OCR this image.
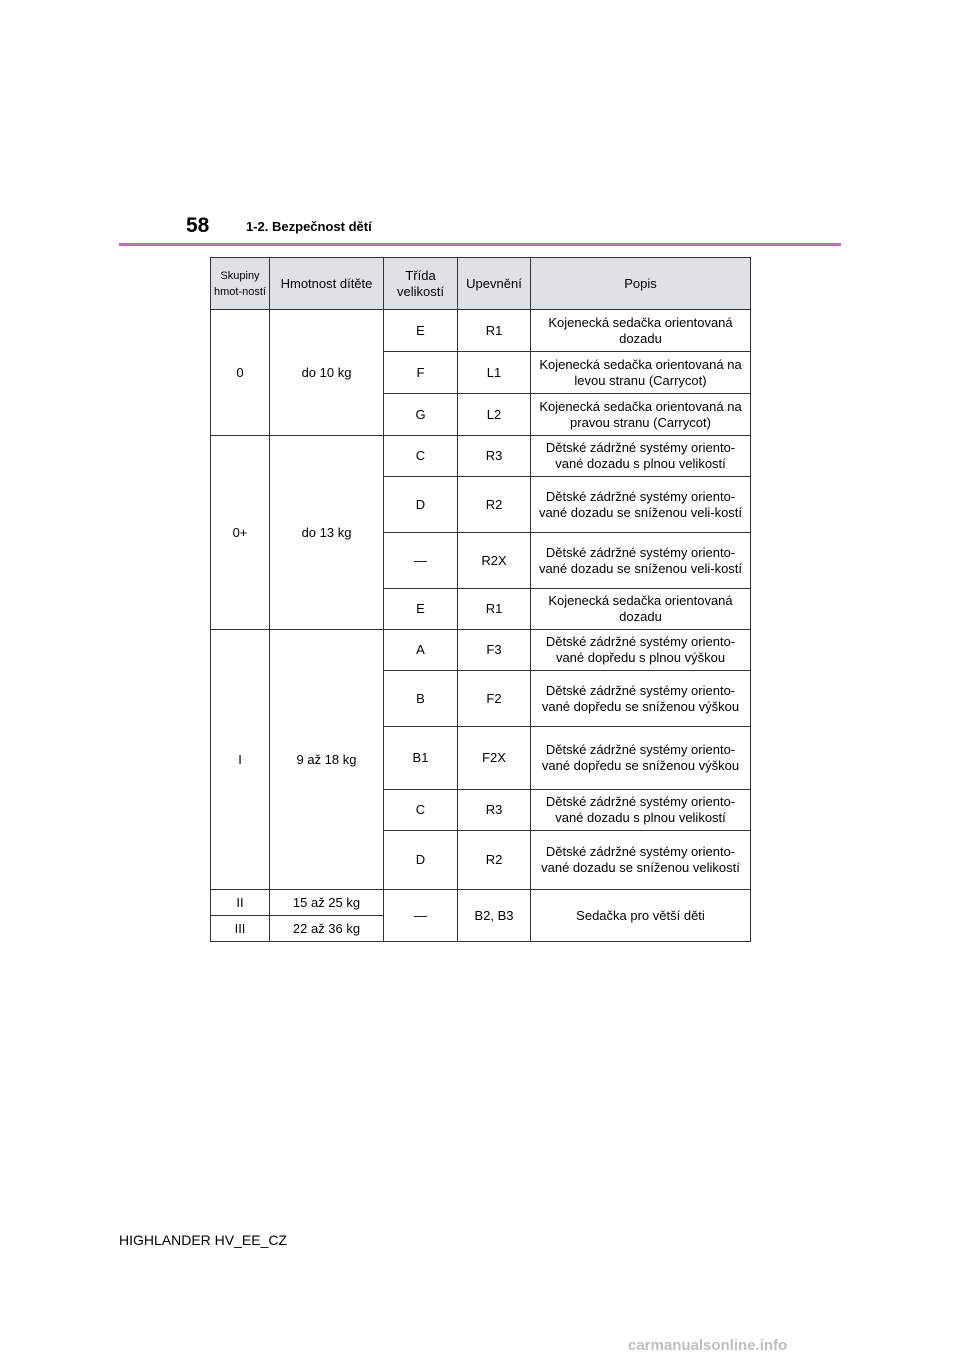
58	1-2. Bezpečnost dětí
Skupiny hmot-ností	Hmotnost dítěte	Třída velikostí	Upevnění	Popis
0	do 10 kg	E	R1	Kojenecká sedačka orientovaná dozadu
		F	L1	Kojenecká sedačka orientovaná na levou stranu (Carrycot)
		G	L2	Kojenecká sedačka orientovaná na pravou stranu (Carrycot)
0+	do 13 kg	C	R3	Dětské zádržné systémy oriento-vané dozadu s plnou velikostí
		D	R2	Dětské zádržné systémy oriento-vané dozadu se sníženou veli-kostí
		—	R2X	Dětské zádržné systémy oriento-vané dozadu se sníženou veli-kostí
		E	R1	Kojenecká sedačka orientovaná dozadu
I	9 až 18 kg	A	F3	Dětské zádržné systémy oriento-vané dopředu s plnou výškou
		B	F2	Dětské zádržné systémy oriento-vané dopředu se sníženou výškou
		B1	F2X	Dětské zádržné systémy oriento-vané dopředu se sníženou výškou
		C	R3	Dětské zádržné systémy oriento-vané dozadu s plnou velikostí
		D	R2	Dětské zádržné systémy oriento-vané dozadu se sníženou velikostí
II	15 až 25 kg	—	B2, B3	Sedačka pro větší děti
III	22 až 36 kg			
HIGHLANDER HV_EE_CZ
carmanualsonline.info
